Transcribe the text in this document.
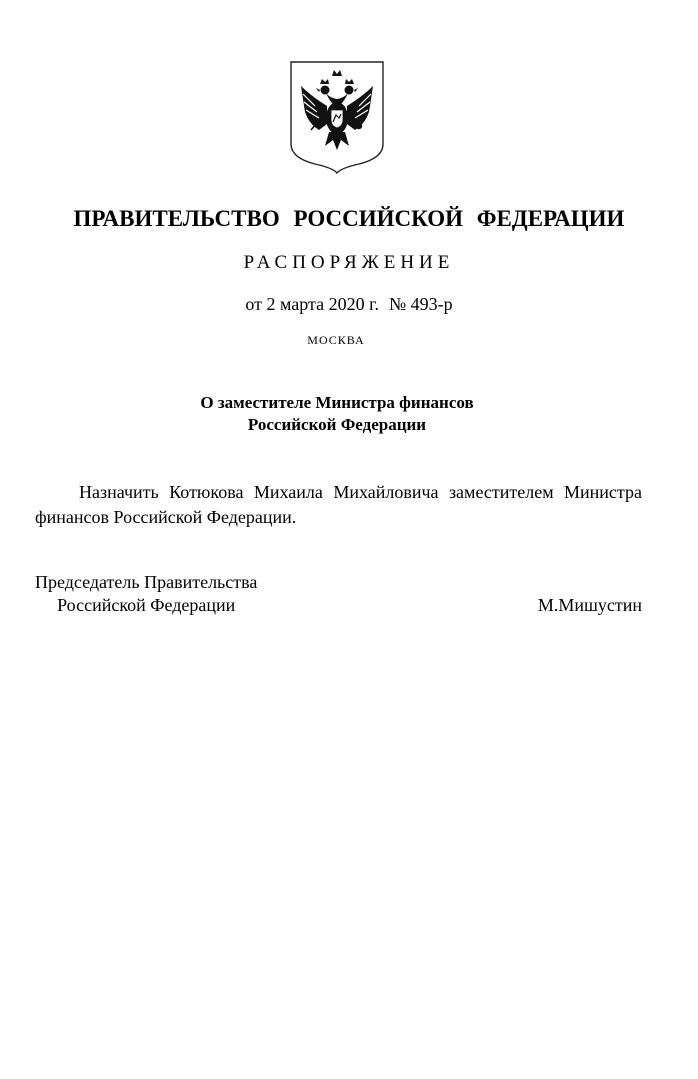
ПРАВИТЕЛЬСТВО РОССИЙСКОЙ ФЕДЕРАЦИИ
РАСПОРЯЖЕНИЕ
от 2 марта 2020 г. № 493-р
МОСКВА
О заместителе Министра финансов
Российской Федерации
Назначить Котюкова Михаила Михайловича заместителем Министра финансов Российской Федерации.
Председатель Правительства
Российской Федерации	М.Мишустин
